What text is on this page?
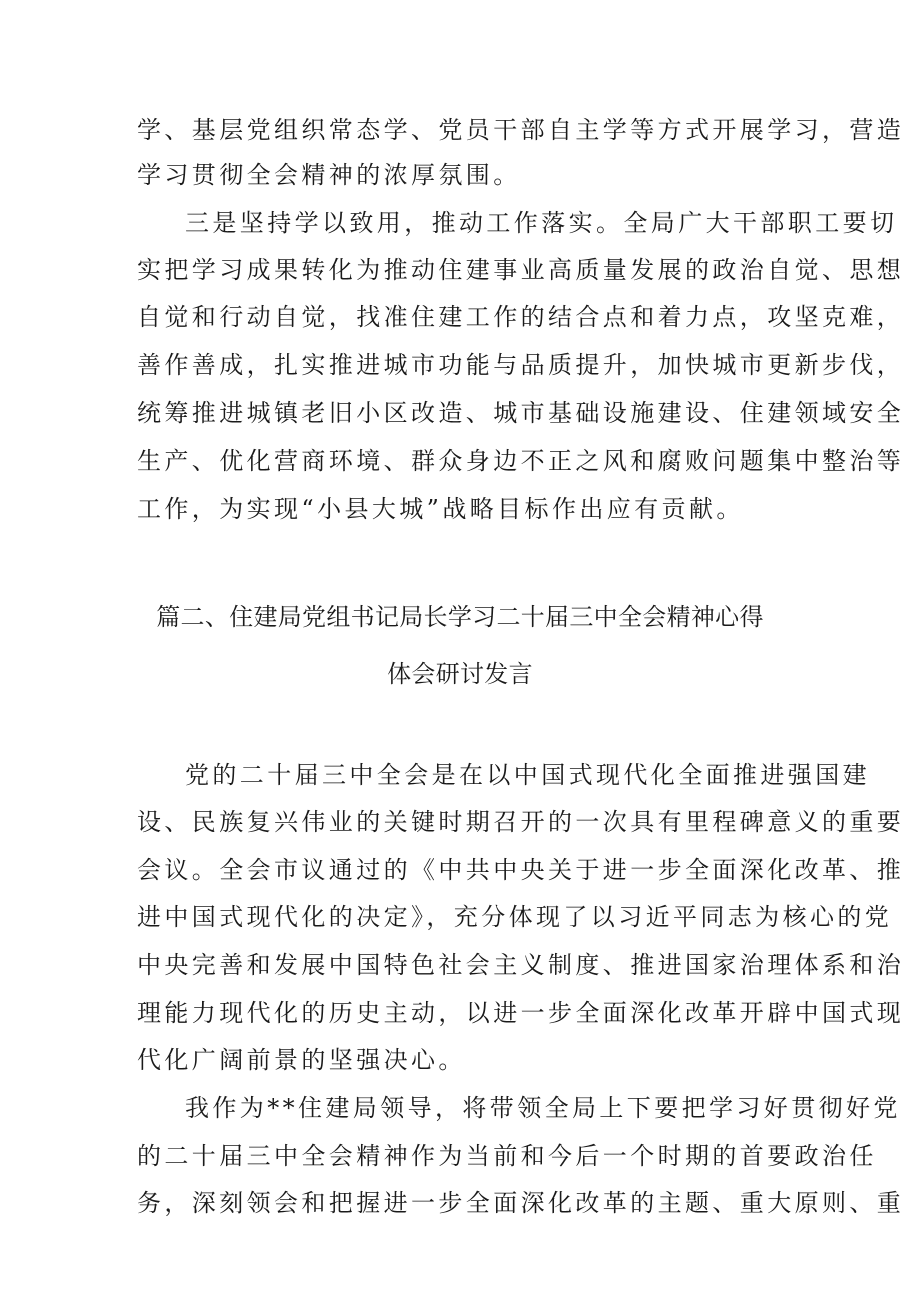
学、基层党组织常态学、党员干部自主学等方式开展学习，营造
学习贯彻全会精神的浓厚氛围。
三是坚持学以致用，推动工作落实。全局广大干部职工要切
实把学习成果转化为推动住建事业高质量发展的政治自觉、思想
自觉和行动自觉，找准住建工作的结合点和着力点，攻坚克难，
善作善成，扎实推进城市功能与品质提升，加快城市更新步伐，
统筹推进城镇老旧小区改造、城市基础设施建设、住建领域安全
生产、优化营商环境、群众身边不正之风和腐败问题集中整治等
工作，为实现“小县大城”战略目标作出应有贡献。
篇二、住建局党组书记局长学习二十届三中全会精神心得
体会研讨发言
党的二十届三中全会是在以中国式现代化全面推进强国建
设、民族复兴伟业的关键时期召开的一次具有里程碑意义的重要
会议。全会市议通过的《中共中央关于进一步全面深化改革、推
进中国式现代化的决定》，充分体现了以习近平同志为核心的党
中央完善和发展中国特色社会主义制度、推进国家治理体系和治
理能力现代化的历史主动，以进一步全面深化改革开辟中国式现
代化广阔前景的坚强决心。
我作为**住建局领导，将带领全局上下要把学习好贯彻好党
的二十届三中全会精神作为当前和今后一个时期的首要政治任
务，深刻领会和把握进一步全面深化改革的主题、重大原则、重
